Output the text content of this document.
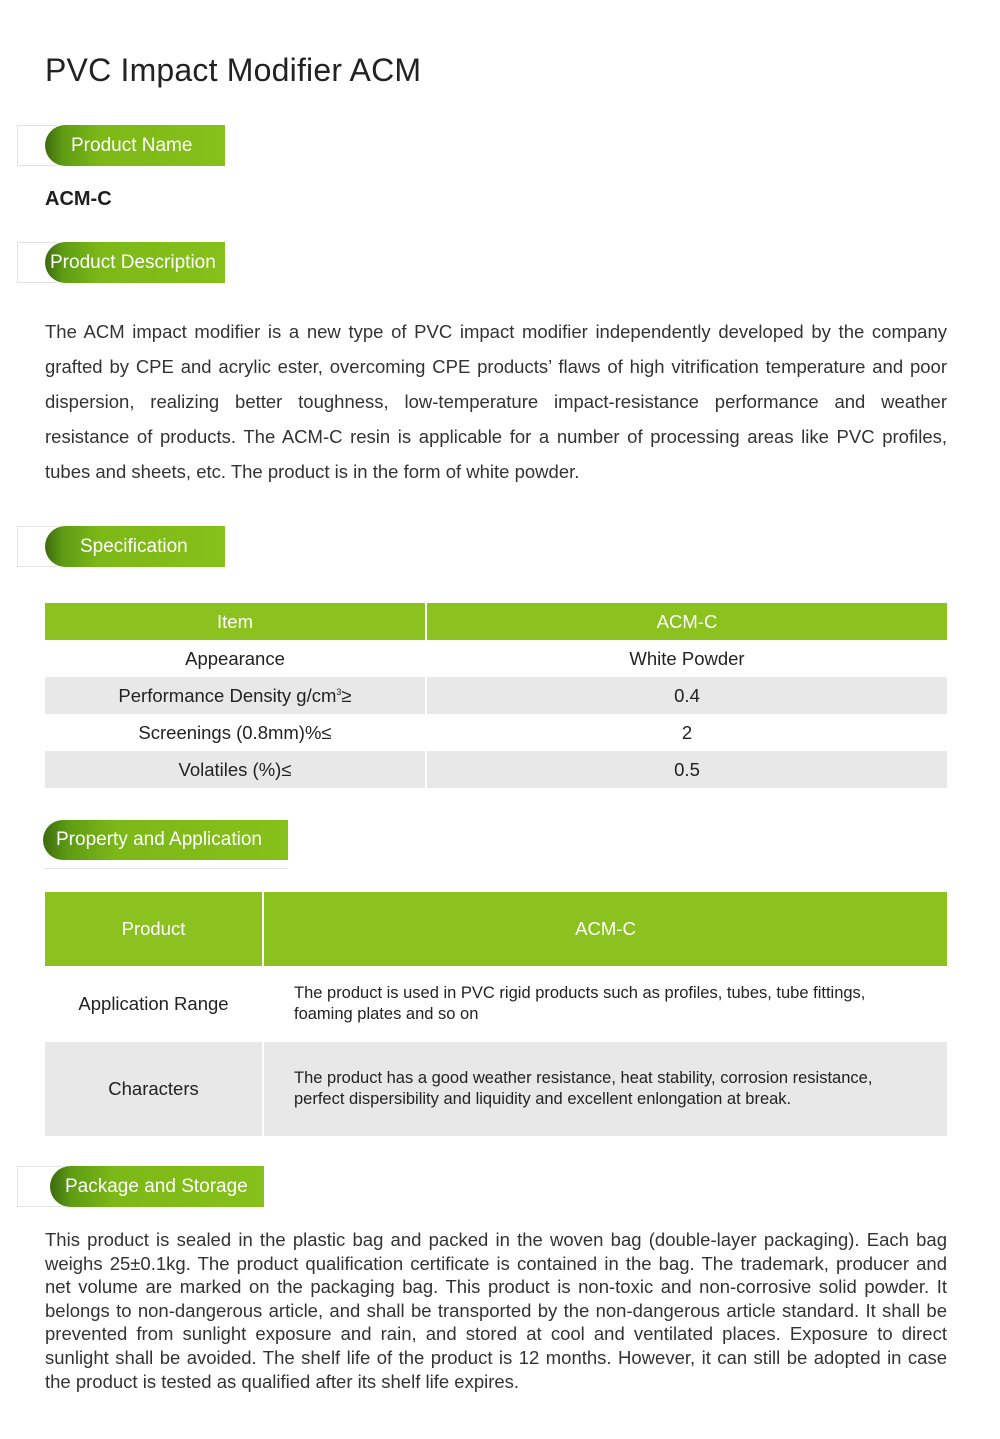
PVC Impact Modifier ACM
Product Name
ACM-C
Product Description

The ACM impact modifier is a new type of PVC impact modifier independently developed by the company grafted by CPE and acrylic ester, overcoming CPE products’ flaws of high vitrification temperature and poor dispersion, realizing better toughness, low-temperature impact-resistance performance and weather resistance of products. The ACM-C resin is applicable for a number of processing areas like PVC profiles, tubes and sheets, etc. The product is in the form of white powder.

Specification
Item	ACM-C
Appearance	White Powder
Performance Density $g/cm^3\ge$	0.4
Screenings (0.8mm)%≤	2
Volatiles (%)≤	0.5
Property and Application
Product	ACM-C
Application Range	The product is used in PVC rigid products such as profiles, tubes, tube fittings, foaming plates and so on
Characters	The product has a good weather resistance, heat stability, corrosion resistance, perfect dispersibility and liquidity and excellent enlongation at break.
Package and Storage

This product is sealed in the plastic bag and packed in the woven bag (double-layer packaging). Each bag weighs 25±0.1kg. The product qualification certificate is contained in the bag. The trademark, producer and net volume are marked on the packaging bag. This product is non-toxic and non-corrosive solid powder. It belongs to non-dangerous article, and shall be transported by the non-dangerous article standard. It shall be prevented from sunlight exposure and rain, and stored at cool and ventilated places. Exposure to direct sunlight shall be avoided. The shelf life of the product is 12 months. However, it can still be adopted in case the product is tested as qualified after its shelf life expires.
